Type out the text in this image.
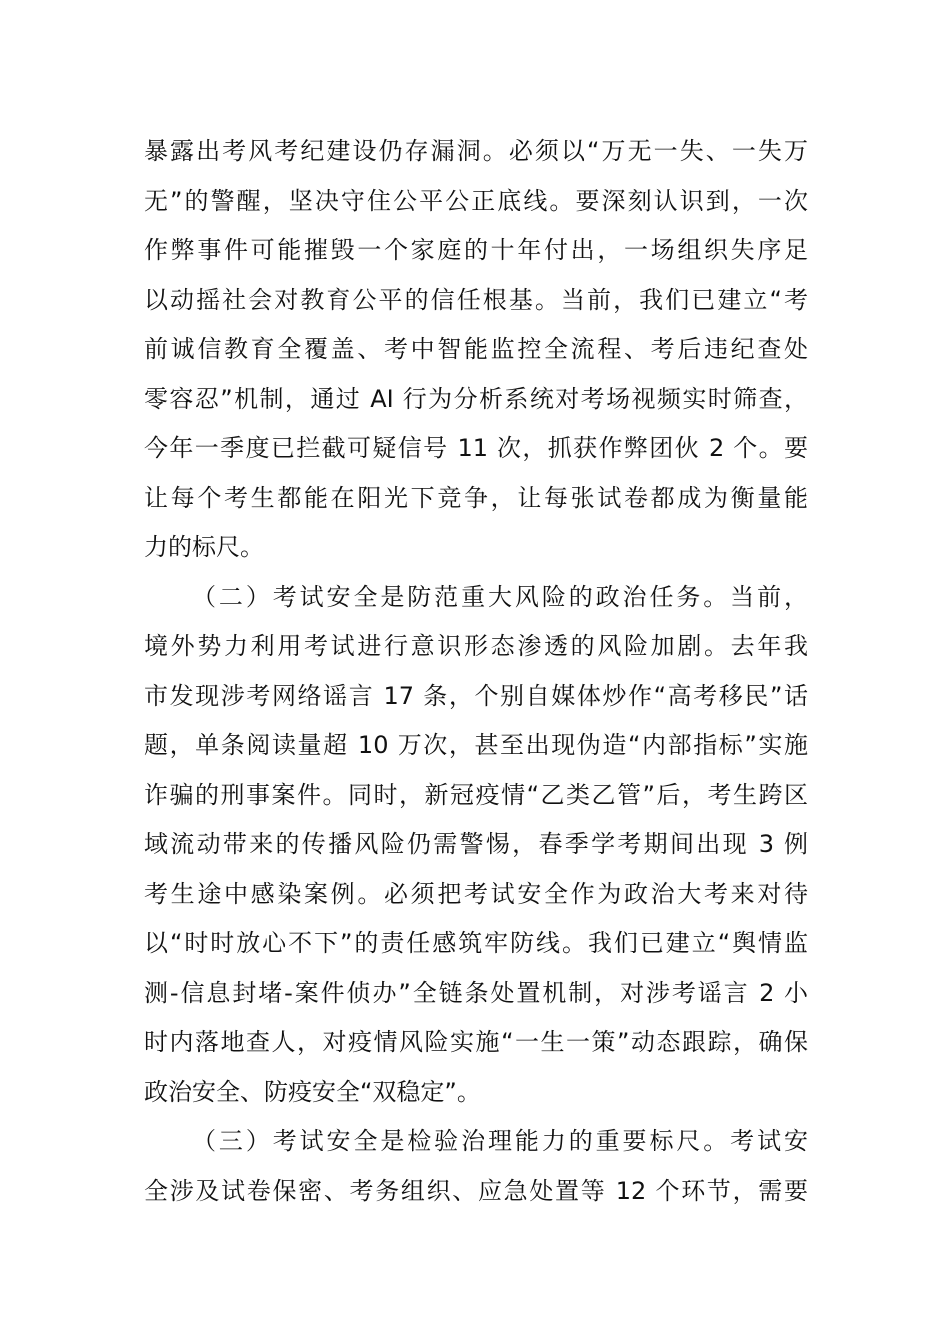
暴露出考风考纪建设仍存漏洞。必须以“万无一失、一失万
无”的警醒，坚决守住公平公正底线。要深刻认识到，一次
作弊事件可能摧毁一个家庭的十年付出，一场组织失序足
以动摇社会对教育公平的信任根基。当前，我们已建立“考
前诚信教育全覆盖、考中智能监控全流程、考后违纪查处
零容忍”机制，通过 AI 行为分析系统对考场视频实时筛查，
今年一季度已拦截可疑信号 11 次，抓获作弊团伙 2 个。要
让每个考生都能在阳光下竞争，让每张试卷都成为衡量能
力的标尺。
（二）考试安全是防范重大风险的政治任务。当前，
境外势力利用考试进行意识形态渗透的风险加剧。去年我
市发现涉考网络谣言 17 条，个别自媒体炒作“高考移民”话
题，单条阅读量超 10 万次，甚至出现伪造“内部指标”实施
诈骗的刑事案件。同时，新冠疫情“乙类乙管”后，考生跨区
域流动带来的传播风险仍需警惕，春季学考期间出现 3 例
考生途中感染案例。必须把考试安全作为政治大考来对待
以“时时放心不下”的责任感筑牢防线。我们已建立“舆情监
测-信息封堵-案件侦办”全链条处置机制，对涉考谣言 2 小
时内落地查人，对疫情风险实施“一生一策”动态跟踪，确保
政治安全、防疫安全“双稳定”。
（三）考试安全是检验治理能力的重要标尺。考试安
全涉及试卷保密、考务组织、应急处置等 12 个环节，需要
